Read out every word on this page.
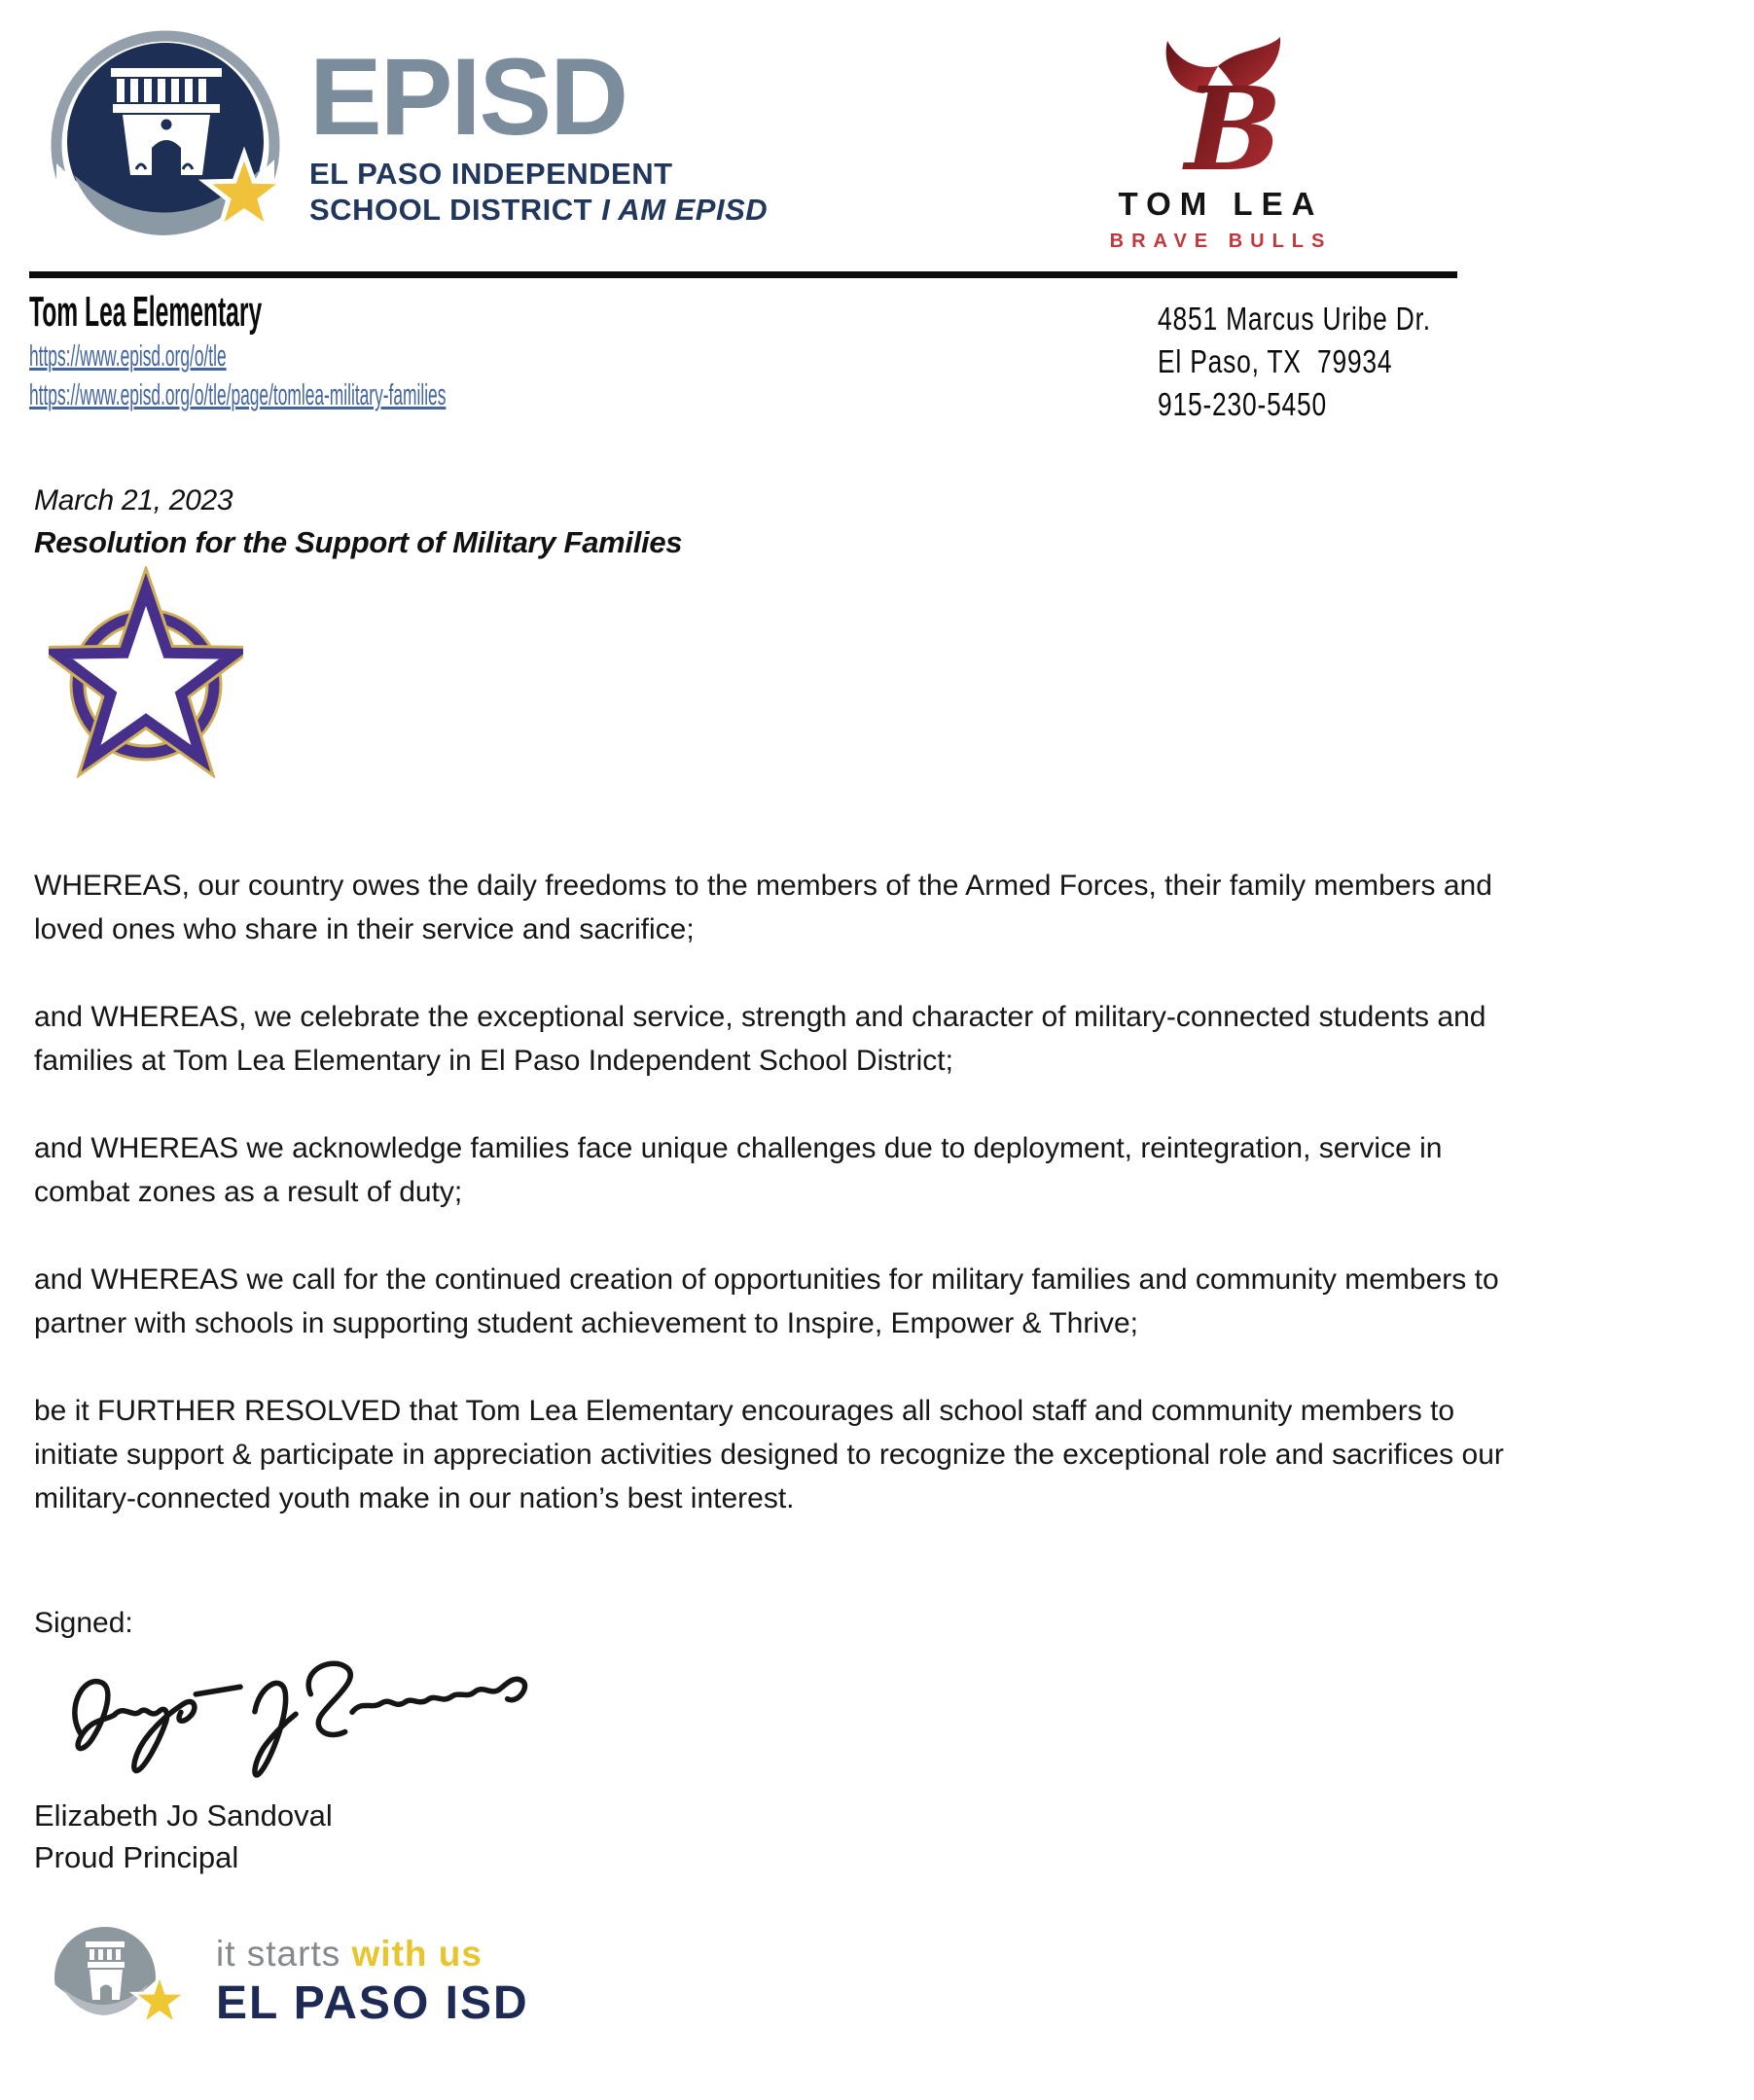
EPISD
EL PASO INDEPENDENT
SCHOOL DISTRICT I AM EPISD
B
TOM LEA
BRAVE BULLS
Tom Lea Elementary
https://www.episd.org/o/tle
https://www.episd.org/o/tle/page/tomlea-military-families
4851 Marcus Uribe Dr.
El Paso, TX  79934
915-230-5450
March 21, 2023
Resolution for the Support of Military Families

WHEREAS, our country owes the daily freedoms to the members of the Armed Forces, their family members and loved ones who share in their service and sacrifice;

and WHEREAS, we celebrate the exceptional service, strength and character of military-connected students and families at Tom Lea Elementary in El Paso Independent School District;

and WHEREAS we acknowledge families face unique challenges due to deployment, reintegration, service in combat zones as a result of duty;

and WHEREAS we call for the continued creation of opportunities for military families and community members to partner with schools in supporting student achievement to Inspire, Empower & Thrive;

be it FURTHER RESOLVED that Tom Lea Elementary encourages all school staff and community members to initiate support & participate in appreciation activities designed to recognize the exceptional role and sacrifices our military-connected youth make in our nation’s best interest.

Signed:
Elizabeth Jo Sandoval
Proud Principal
it starts with us
EL PASO ISD
